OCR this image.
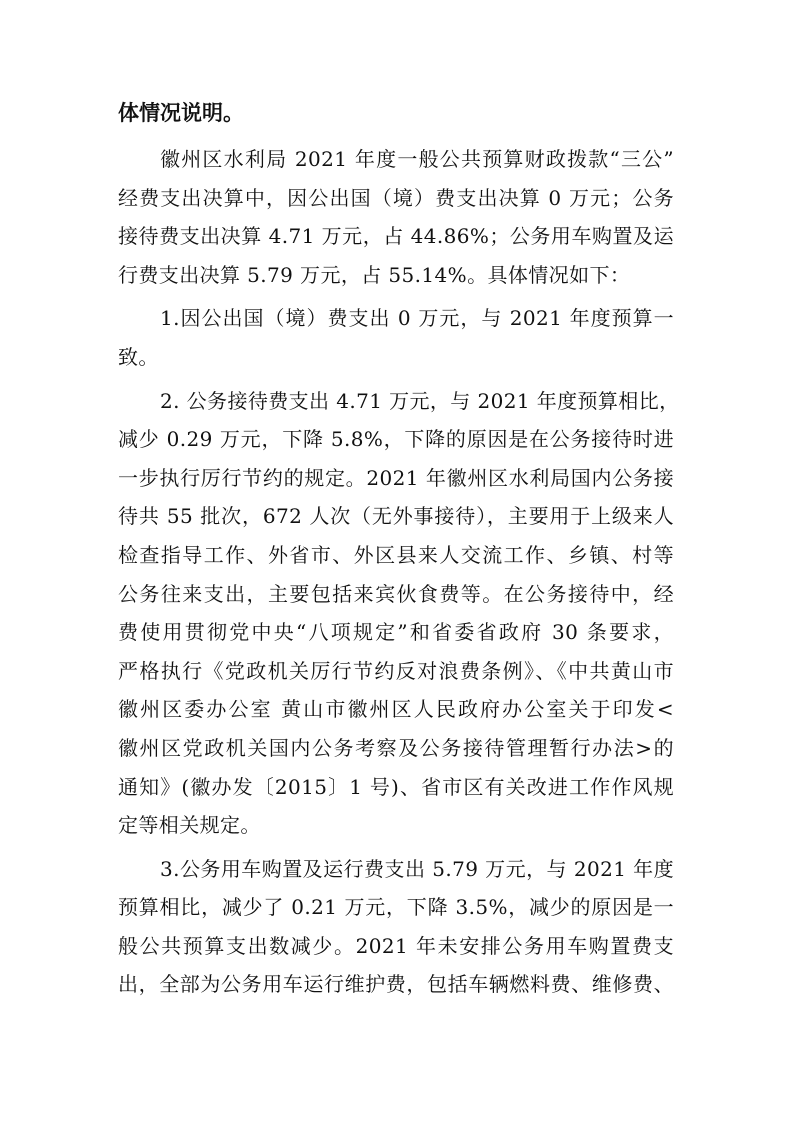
体情况说明。
徽州区水利局 2021 年度一般公共预算财政拨款“三公”
经费支出决算中，因公出国（境）费支出决算 0 万元；公务
接待费支出决算 4.71 万元，占 44.86%；公务用车购置及运
行费支出决算 5.79 万元，占 55.14%。具体情况如下：
1.因公出国（境）费支出 0 万元，与 2021 年度预算一
致。
2. 公务接待费支出 4.71 万元，与 2021 年度预算相比，
减少 0.29 万元，下降 5.8%，下降的原因是在公务接待时进
一步执行厉行节约的规定。2021 年徽州区水利局国内公务接
待共 55 批次，672 人次（无外事接待），主要用于上级来人
检查指导工作、外省市、外区县来人交流工作、乡镇、村等
公务往来支出，主要包括来宾伙食费等。在公务接待中，经
费使用贯彻党中央“八项规定”和省委省政府 30 条要求，
严格执行《党政机关厉行节约反对浪费条例》、《中共黄山市
徽州区委办公室 黄山市徽州区人民政府办公室关于印发<
徽州区党政机关国内公务考察及公务接待管理暂行办法>的
通知》(徽办发〔2015〕1 号)、省市区有关改进工作作风规
定等相关规定。
3.公务用车购置及运行费支出 5.79 万元，与 2021 年度
预算相比，减少了 0.21 万元，下降 3.5%，减少的原因是一
般公共预算支出数减少。2021 年未安排公务用车购置费支
出，全部为公务用车运行维护费，包括车辆燃料费、维修费、
